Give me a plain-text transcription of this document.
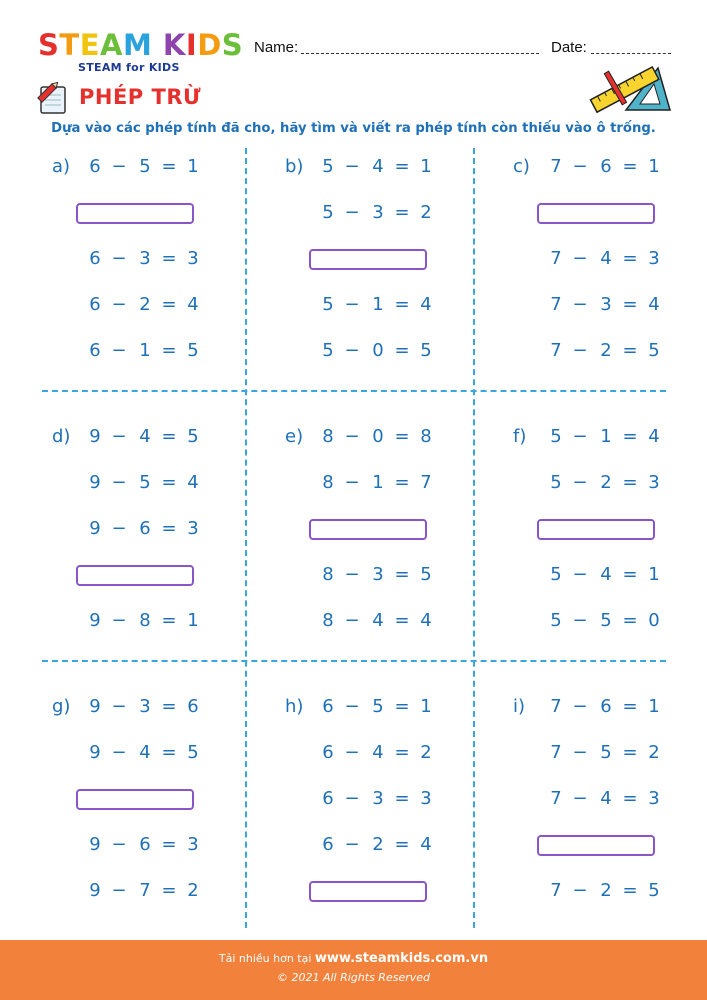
S T E A M
K I D S
STEAM for KIDS
Name:	Date:
PHÉP TRỪ
Dựa vào các phép tính đã cho, hãy tìm và viết ra phép tính còn thiếu vào ô trống.
a)	6 − 5 = 1
6 − 3 = 3
6 − 2 = 4
6 − 1 = 5
b)	5 − 4 = 1
5 − 3 = 2
5 − 1 = 4
5 − 0 = 5
c)	7 − 6 = 1
7 − 4 = 3
7 − 3 = 4
7 − 2 = 5
d)	9 − 4 = 5
9 − 5 = 4
9 − 6 = 3
9 − 8 = 1
e)	8 − 0 = 8
8 − 1 = 7
8 − 3 = 5
8 − 4 = 4
f)	5 − 1 = 4
5 − 2 = 3
5 − 4 = 1
5 − 5 = 0
g)	9 − 3 = 6
9 − 4 = 5
9 − 6 = 3
9 − 7 = 2
h)	6 − 5 = 1
6 − 4 = 2
6 − 3 = 3
6 − 2 = 4
i)	7 − 6 = 1
7 − 5 = 2
7 − 4 = 3
7 − 2 = 5
Tải nhiều hơn tại www.steamkids.com.vn
© 2021 All Rights Reserved
